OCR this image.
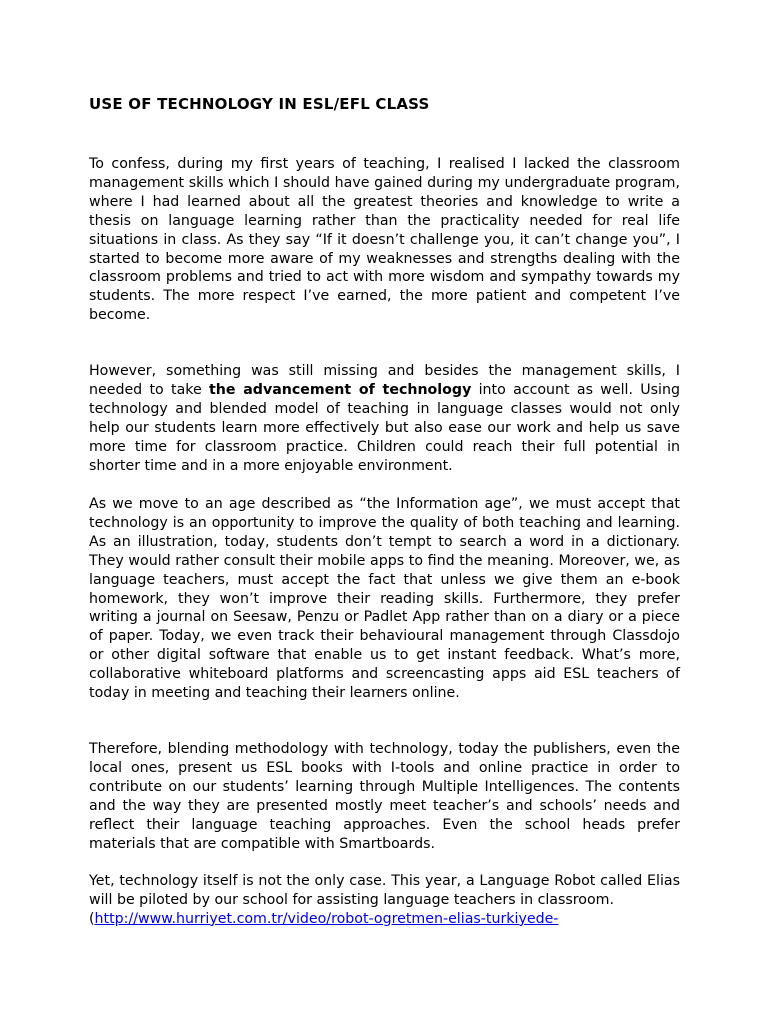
USE OF TECHNOLOGY IN ESL/EFL CLASS

To confess, during my first years of teaching, I realised I lacked the classroom management skills which I should have gained during my undergraduate program, where I had learned about all the greatest theories and knowledge to write a thesis on language learning rather than the practicality needed for real life situations in class. As they say “If it doesn’t challenge you, it can’t change you”, I started to become more aware of my weaknesses and strengths dealing with the classroom problems and tried to act with more wisdom and sympathy towards my students. The more respect I’ve earned, the more patient and competent I’ve become.

However, something was still missing and besides the management skills, I needed to take the advancement of technology into account as well. Using technology and blended model of teaching in language classes would not only help our students learn more effectively but also ease our work and help us save more time for classroom practice. Children could reach their full potential in shorter time and in a more enjoyable environment.

As we move to an age described as “the Information age”, we must accept that technology is an opportunity to improve the quality of both teaching and learning. As an illustration, today, students don’t tempt to search a word in a dictionary. They would rather consult their mobile apps to find the meaning. Moreover, we, as language teachers, must accept the fact that unless we give them an e-book homework, they won’t improve their reading skills. Furthermore, they prefer writing a journal on Seesaw, Penzu or Padlet App rather than on a diary or a piece of paper. Today, we even track their behavioural management through Classdojo or other digital software that enable us to get instant feedback. What’s more, collaborative whiteboard platforms and screencasting apps aid ESL teachers of today in meeting and teaching their learners online.

Therefore, blending methodology with technology, today the publishers, even the local ones, present us ESL books with I-tools and online practice in order to contribute on our students’ learning through Multiple Intelligences. The contents and the way they are presented mostly meet teacher’s and schools’ needs and reflect their language teaching approaches. Even the school heads prefer materials that are compatible with Smartboards.

Yet, technology itself is not the only case. This year, a Language Robot called Elias will be piloted by our school for assisting language teachers in classroom.
(http://www.hurriyet.com.tr/video/robot-ogretmen-elias-turkiyede-
